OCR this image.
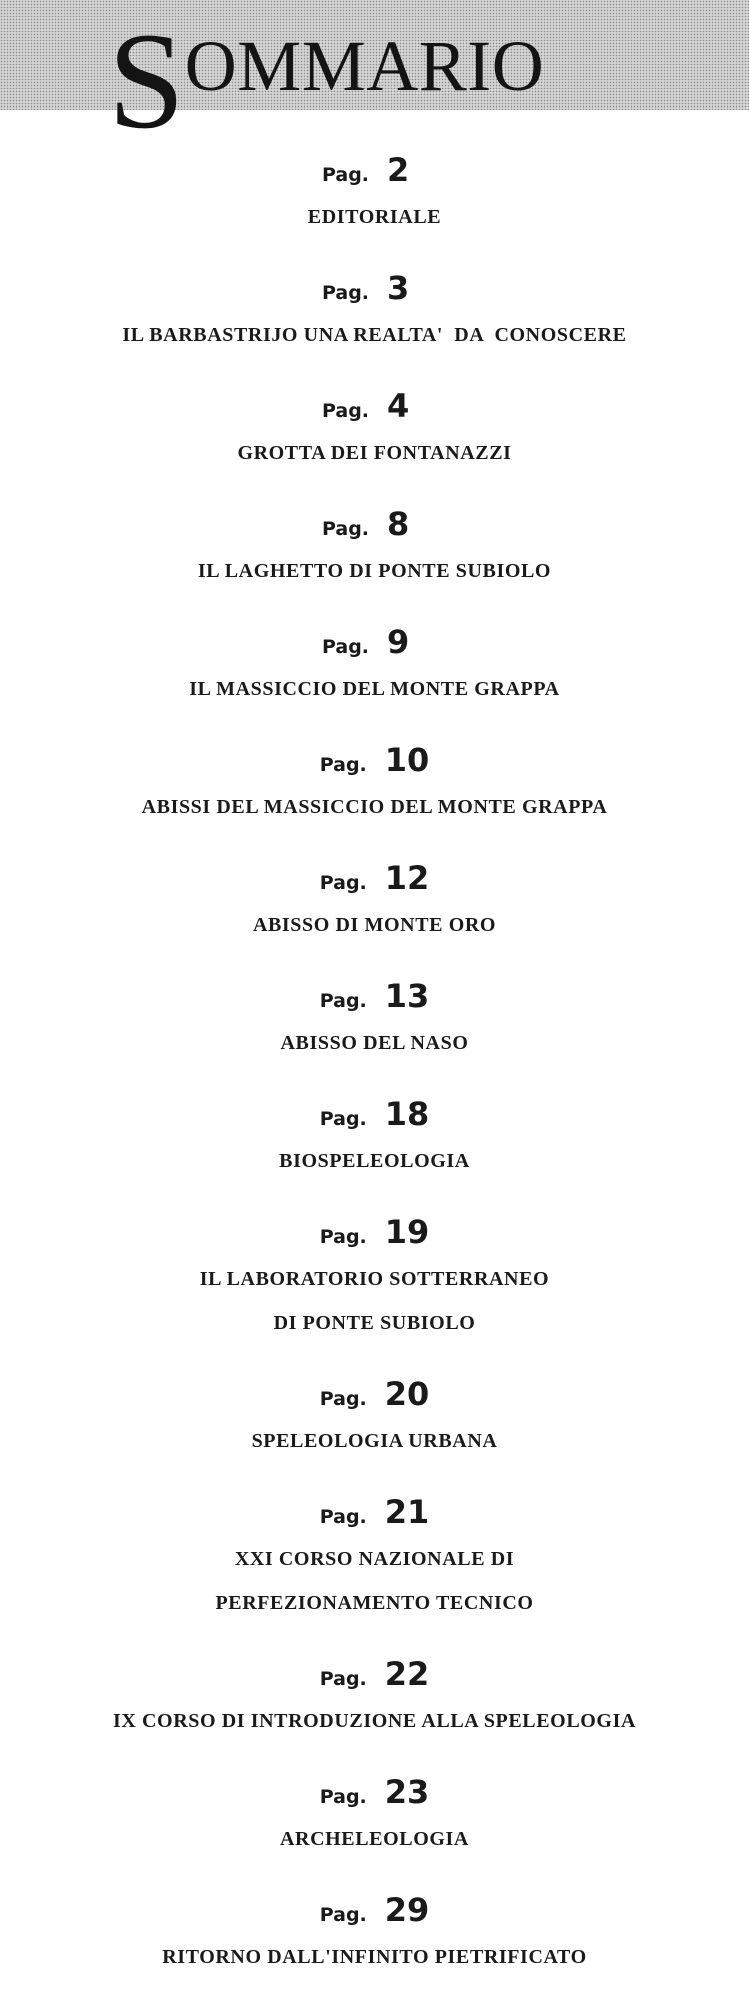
SOMMARIO
Pag. 2
EDITORIALE
Pag. 3
IL BARBASTRIJO UNA REALTA'  DA  CONOSCERE
Pag. 4
GROTTA DEI FONTANAZZI
Pag. 8
IL LAGHETTO DI PONTE SUBIOLO
Pag. 9
IL MASSICCIO DEL MONTE GRAPPA
Pag. 10
ABISSI DEL MASSICCIO DEL MONTE GRAPPA
Pag. 12
ABISSO DI MONTE ORO
Pag. 13
ABISSO DEL NASO
Pag. 18
BIOSPELEOLOGIA
Pag. 19
IL LABORATORIO SOTTERRANEO
DI PONTE SUBIOLO
Pag. 20
SPELEOLOGIA URBANA
Pag. 21
XXI CORSO NAZIONALE DI
PERFEZIONAMENTO TECNICO
Pag. 22
IX CORSO DI INTRODUZIONE ALLA SPELEOLOGIA
Pag. 23
ARCHELEOLOGIA
Pag. 29
RITORNO DALL'INFINITO PIETRIFICATO
